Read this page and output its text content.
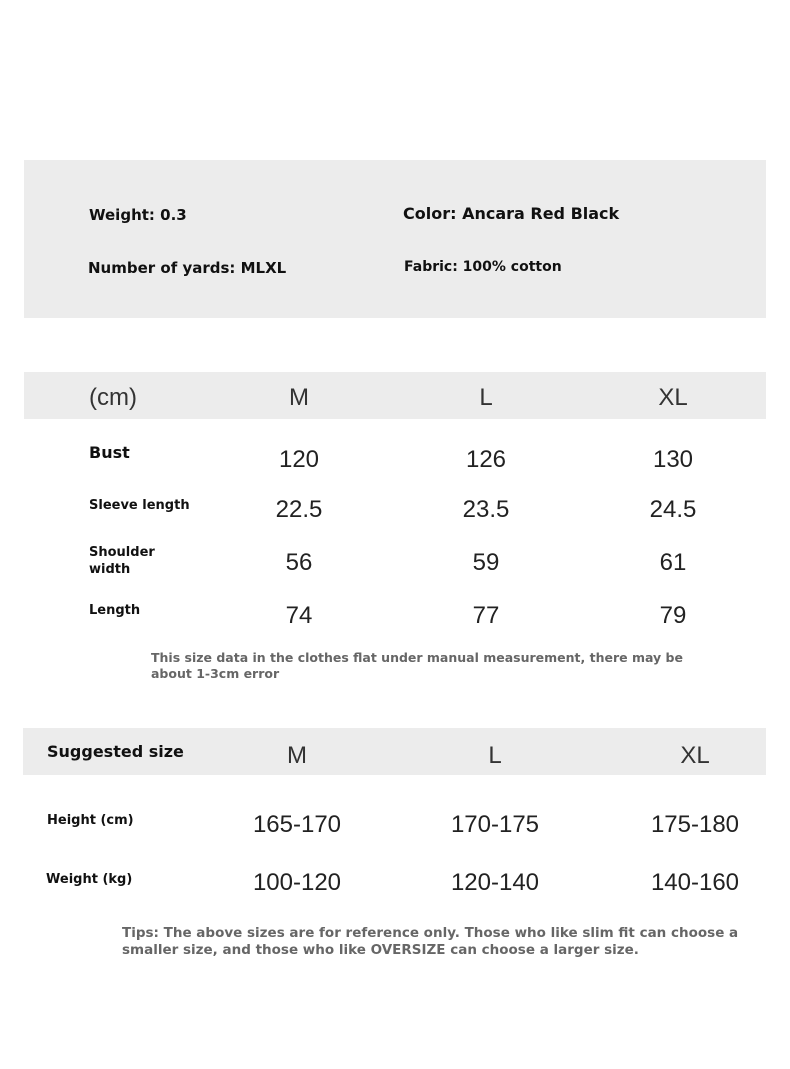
Weight: 0.3	Color: Ancara Red Black
Number of yards: MLXL	Fabric: 100% cotton
(cm)	M	L	XL
Bust	120	126	130
Sleeve length	22.5	23.5	24.5
Shoulder
width	56	59	61
Length	74	77	79
This size data in the clothes flat under manual measurement, there may be
about 1-3cm error
Suggested size	M	L	XL
Height (cm)	165-170	170-175	175-180
Weight (kg)	100-120	120-140	140-160
Tips: The above sizes are for reference only. Those who like slim fit can choose a
smaller size, and those who like OVERSIZE can choose a larger size.
